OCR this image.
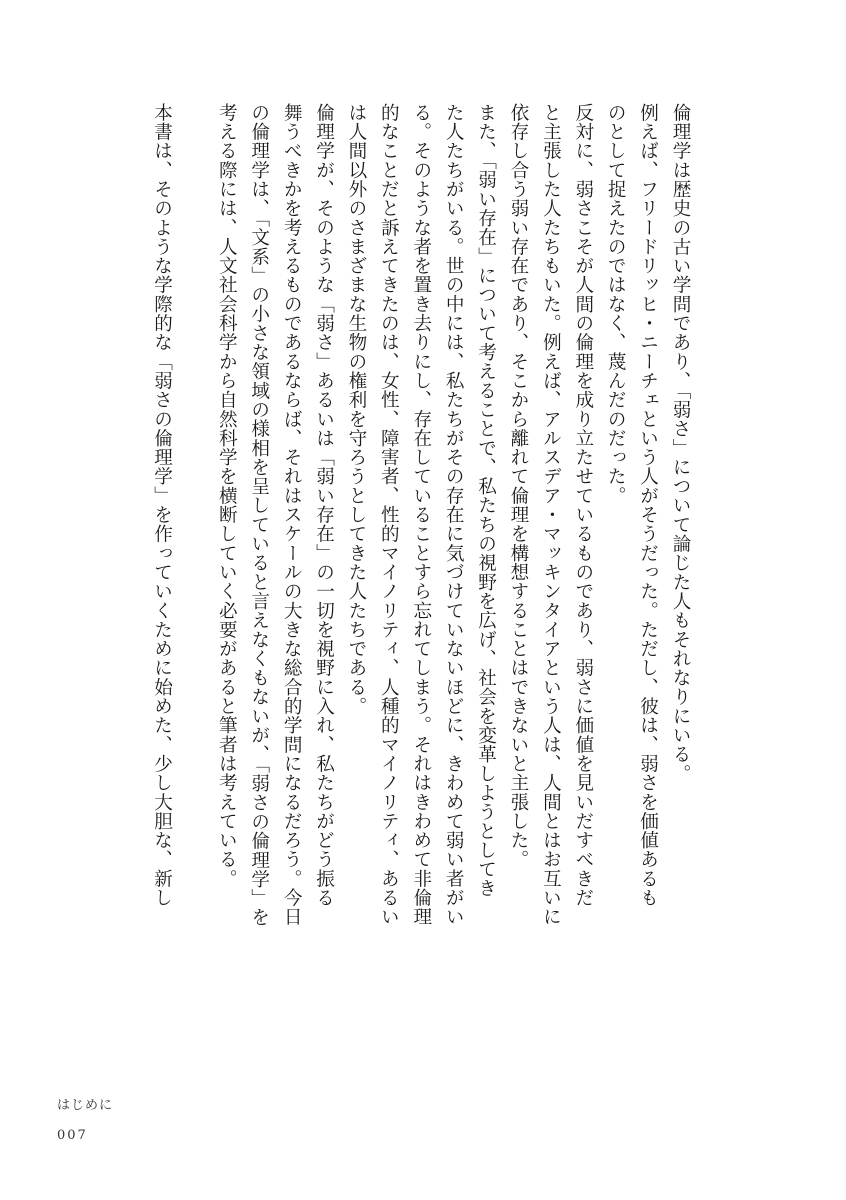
倫理学は歴史の古い学問であり、「弱さ」について論じた人もそれなりにいる。
例えば、フリードリッヒ・ニーチェという人がそうだった。ただし、彼は、弱さを価値あるも
のとして捉えたのではなく、蔑んだのだった。

反対に、弱さこそが人間の倫理を成り立たせているものであり、弱さに価値を見いだすべきだ
と主張した人たちもいた。例えば、アルスデア・マッキンタイアという人は、人間とはお互いに
依存し合う弱い存在であり、そこから離れて倫理を構想することはできないと主張した。

また、「弱い存在」について考えることで、私たちの視野を広げ、社会を変革しようとしてき
た人たちがいる。世の中には、私たちがその存在に気づけていないほどに、きわめて弱い者がい
る。そのような者を置き去りにし、存在していることすら忘れてしまう。それはきわめて非倫理
的なことだと訴えてきたのは、女性、障害者、性的マイノリティ、人種的マイノリティ、あるい
は人間以外のさまざまな生物の権利を守ろうとしてきた人たちである。

倫理学が、そのような「弱さ」あるいは「弱い存在」の一切を視野に入れ、私たちがどう振る
舞うべきかを考えるものであるならば、それはスケールの大きな総合的学問になるだろう。今日
の倫理学は、「文系」の小さな領域の様相を呈していると言えなくもないが、「弱さの倫理学」を
考える際には、人文社会科学から自然科学を横断していく必要があると筆者は考えている。

本書は、そのような学際的な「弱さの倫理学」を作っていくために始めた、少し大胆な、新し

はじめに
007
